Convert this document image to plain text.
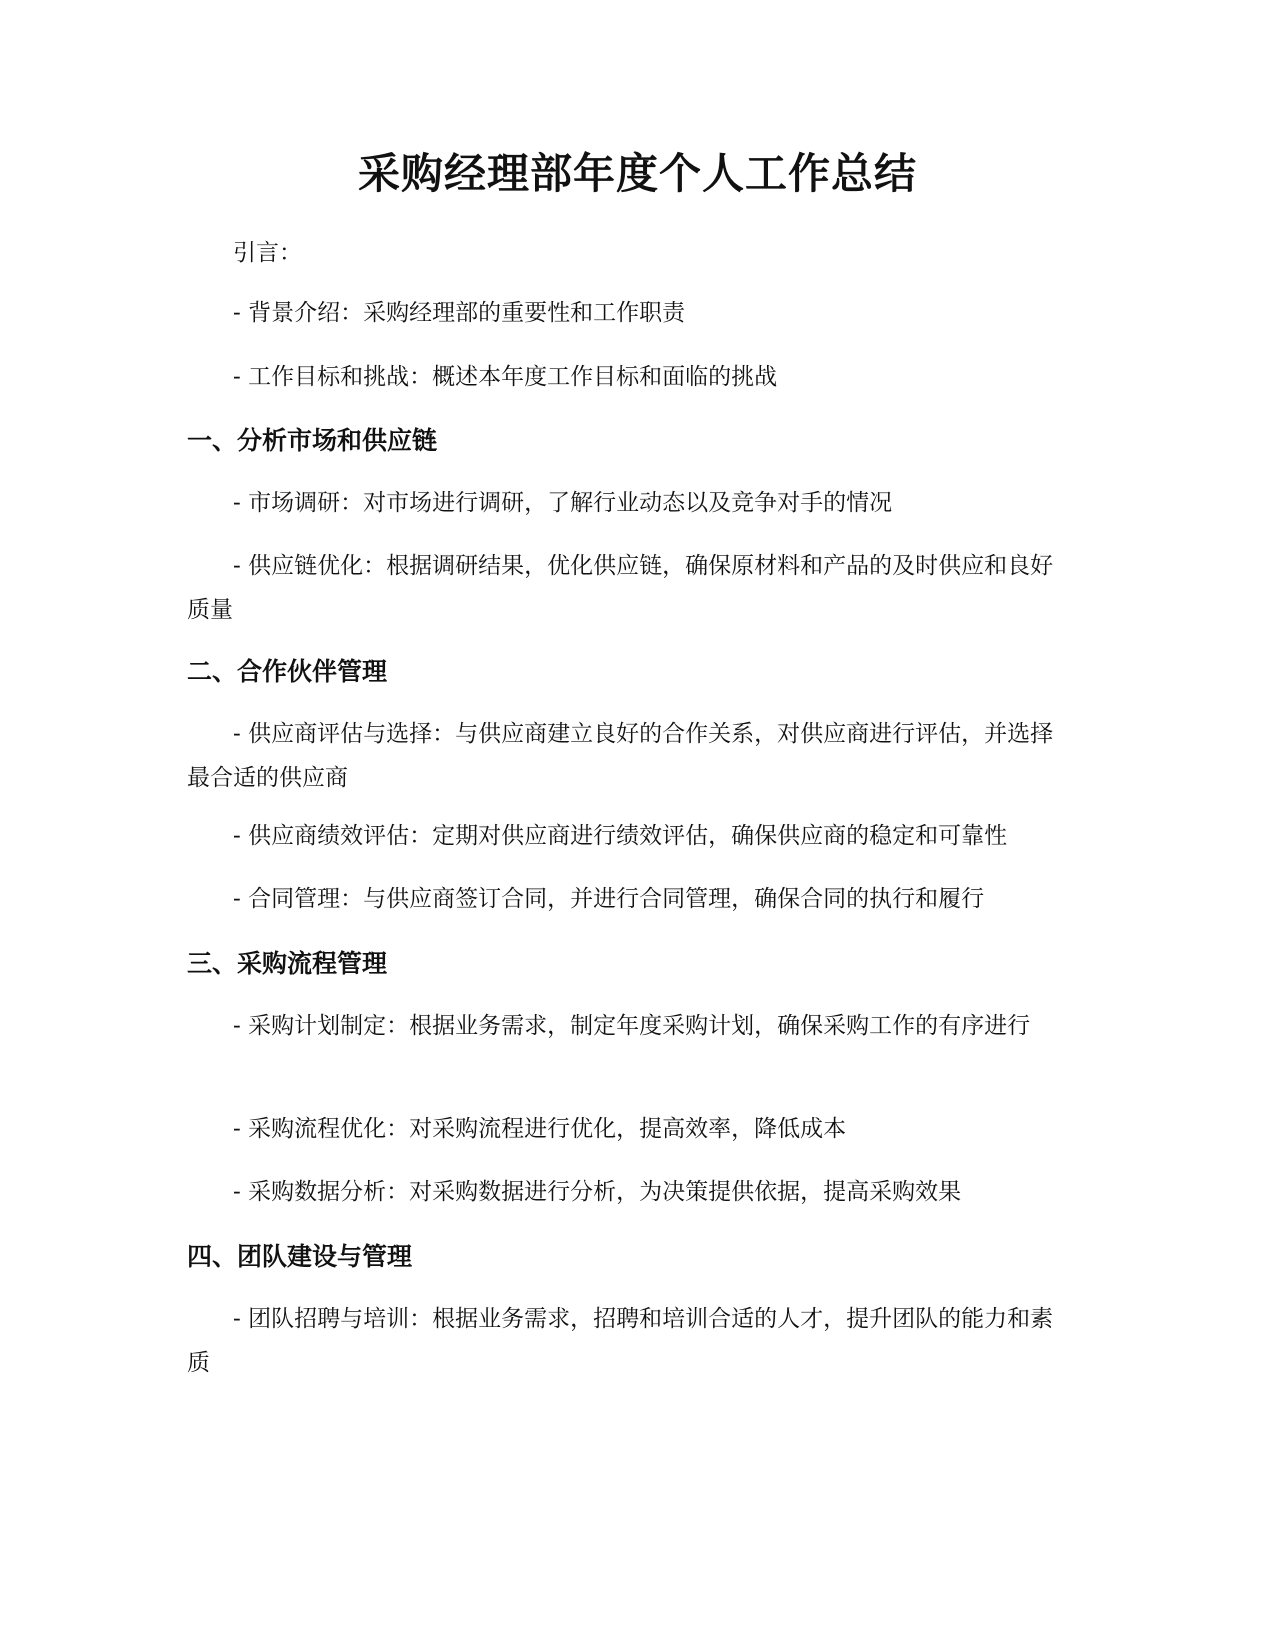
采购经理部年度个人工作总结

引言：

- 背景介绍：采购经理部的重要性和工作职责

- 工作目标和挑战：概述本年度工作目标和面临的挑战

一、分析市场和供应链

- 市场调研：对市场进行调研，了解行业动态以及竞争对手的情况

- 供应链优化：根据调研结果，优化供应链，确保原材料和产品的及时供应和良好质量

二、合作伙伴管理

- 供应商评估与选择：与供应商建立良好的合作关系，对供应商进行评估，并选择最合适的供应商

- 供应商绩效评估：定期对供应商进行绩效评估，确保供应商的稳定和可靠性

- 合同管理：与供应商签订合同，并进行合同管理，确保合同的执行和履行

三、采购流程管理

- 采购计划制定：根据业务需求，制定年度采购计划，确保采购工作的有序进行

- 采购流程优化：对采购流程进行优化，提高效率，降低成本

- 采购数据分析：对采购数据进行分析，为决策提供依据，提高采购效果

四、团队建设与管理

- 团队招聘与培训：根据业务需求，招聘和培训合适的人才，提升团队的能力和素质
